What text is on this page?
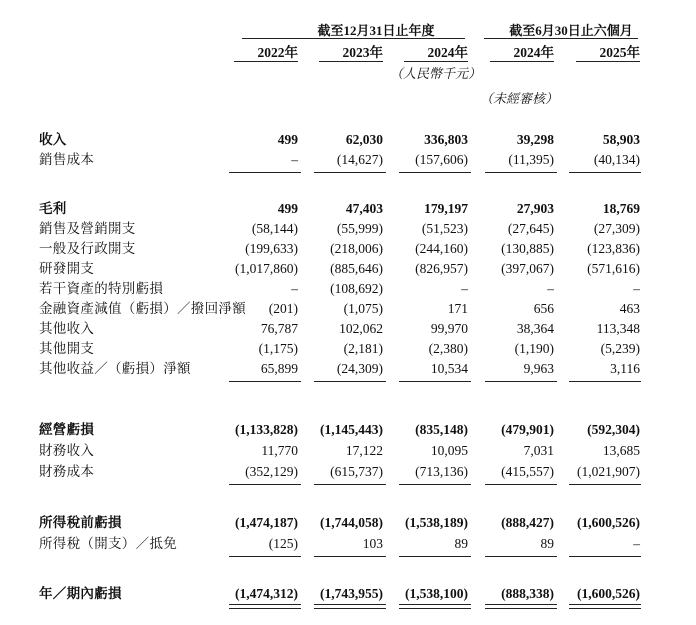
截至12月31日止年度	截至6月30日止六個月
2022年	2023年	2024年	2024年	2025年
（人民幣千元）
（未經審核）
收入	499	62,030	336,803	39,298	58,903
銷售成本	–	(14,627) (157,606)	(11,395)	(40,134)
毛利	499	47,403	179,197	27,903	18,769
銷售及營銷開支	(58,144)	(55,999)	(51,523)	(27,645)	(27,309)
一般及行政開支	(199,633) (218,006) (244,160) (130,885) (123,836)
研發開支	(1,017,860) (885,646) (826,957) (397,067) (571,616)
若干資產的特別虧損	– (108,692)	–	–	–
金融資產減值（虧損）／撥回淨額 (201)	(1,075)	171	656	463
其他收入	76,787	102,062	99,970	38,364	113,348
其他開支	(1,175)	(2,181)	(2,380)	(1,190)	(5,239)
其他收益／（虧損）淨額	65,899	(24,309)	10,534	9,963	3,116
經營虧損	(1,133,828) (1,145,443) (835,148) (479,901) (592,304)
財務收入	11,770	17,122	10,095	7,031	13,685
財務成本	(352,129) (615,737) (713,136) (415,557) (1,021,907)
所得稅前虧損	(1,474,187) (1,744,058) (1,538,189) (888,427) (1,600,526)
所得稅（開支）／抵免	(125)	103	89	89	–
年／期內虧損	(1,474,312) (1,743,955) (1,538,100) (888,338) (1,600,526)
